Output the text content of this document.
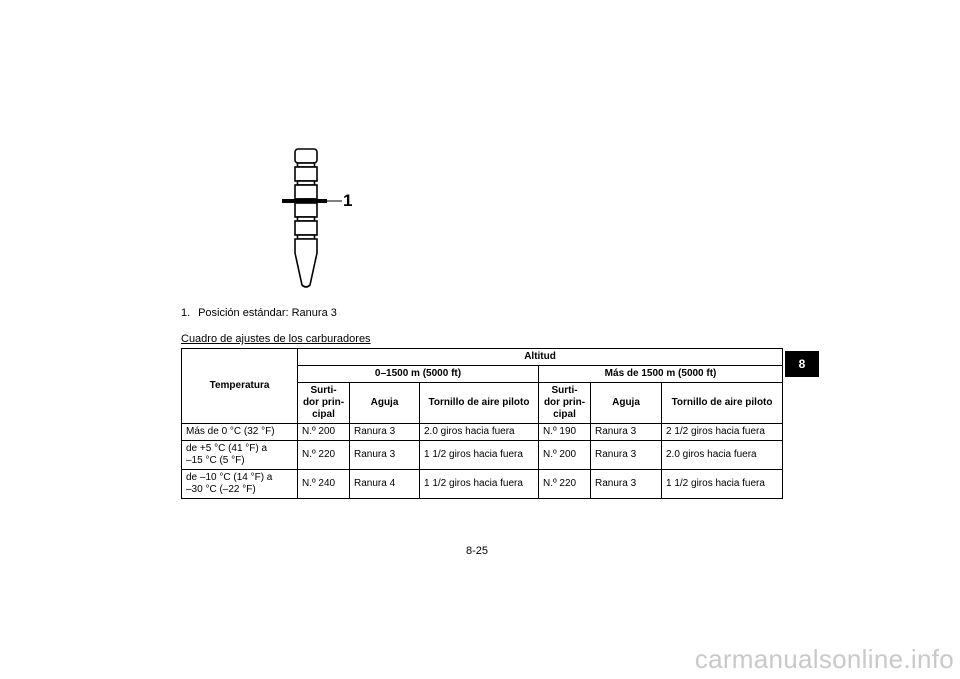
1
1. Posición estándar: Ranura 3
Cuadro de ajustes de los carburadores
Temperatura	Altitud					
	0–1500 m (5000 ft)			Más de 1500 m (5000 ft)		
	Surti-
dor prin-
cipal	Aguja	Tornillo de aire piloto	Surti-
dor prin-
cipal	Aguja	Tornillo de aire piloto
Más de 0 °C (32 °F)	N.º 200	Ranura 3	2.0 giros hacia fuera	N.º 190	Ranura 3	2 1/2 giros hacia fuera
de +5 °C (41 °F) a
–15 °C (5 °F)	N.º 220	Ranura 3	1 1/2 giros hacia fuera	N.º 200	Ranura 3	2.0 giros hacia fuera
de –10 °C (14 °F) a
–30 °C (–22 °F)	N.º 240	Ranura 4	1 1/2 giros hacia fuera	N.º 220	Ranura 3	1 1/2 giros hacia fuera
8
8-25
carmanualsonline.info
